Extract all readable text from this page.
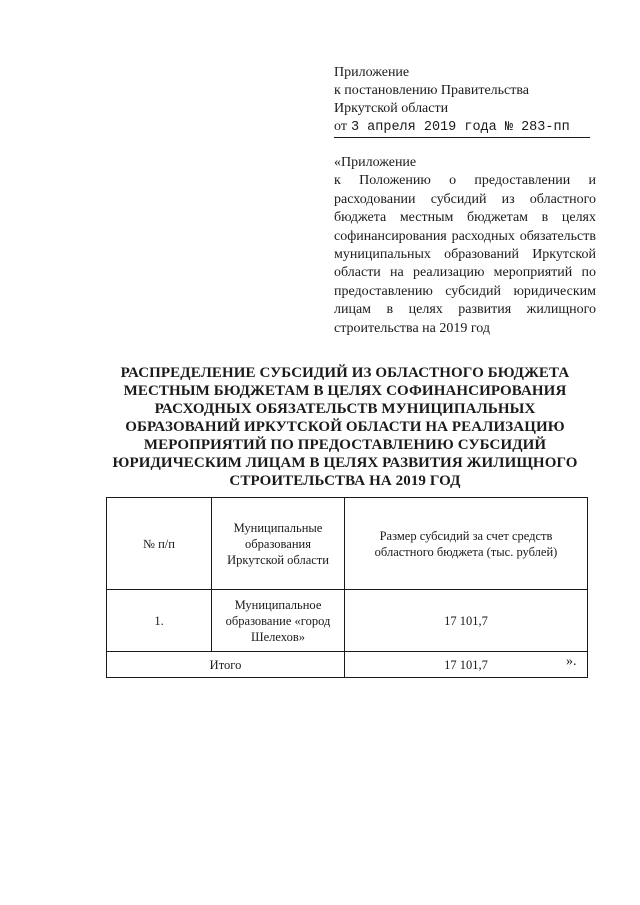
Приложение
к постановлению Правительства
Иркутской области
от 3 апреля 2019 года № 283-пп
«Приложение
к Положению о предоставлении и расходовании субсидий из областного бюджета местным бюджетам в целях софинансирования расходных обязательств муниципальных образований Иркутской области на реализацию мероприятий по предоставлению субсидий юридическим лицам в целях развития жилищного строительства на 2019 год
РАСПРЕДЕЛЕНИЕ СУБСИДИЙ ИЗ ОБЛАСТНОГО БЮДЖЕТА МЕСТНЫМ БЮДЖЕТАМ В ЦЕЛЯХ СОФИНАНСИРОВАНИЯ РАСХОДНЫХ ОБЯЗАТЕЛЬСТВ МУНИЦИПАЛЬНЫХ ОБРАЗОВАНИЙ ИРКУТСКОЙ ОБЛАСТИ НА РЕАЛИЗАЦИЮ МЕРОПРИЯТИЙ ПО ПРЕДОСТАВЛЕНИЮ СУБСИДИЙ ЮРИДИЧЕСКИМ ЛИЦАМ В ЦЕЛЯХ РАЗВИТИЯ ЖИЛИЩНОГО СТРОИТЕЛЬСТВА НА 2019 ГОД
№ п/п	Муниципальные образования Иркутской области	Размер субсидий за счет средств областного бюджета (тыс. рублей)
1.	Муниципальное образование «город Шелехов»	17 101,7
Итого		17 101,7	».
